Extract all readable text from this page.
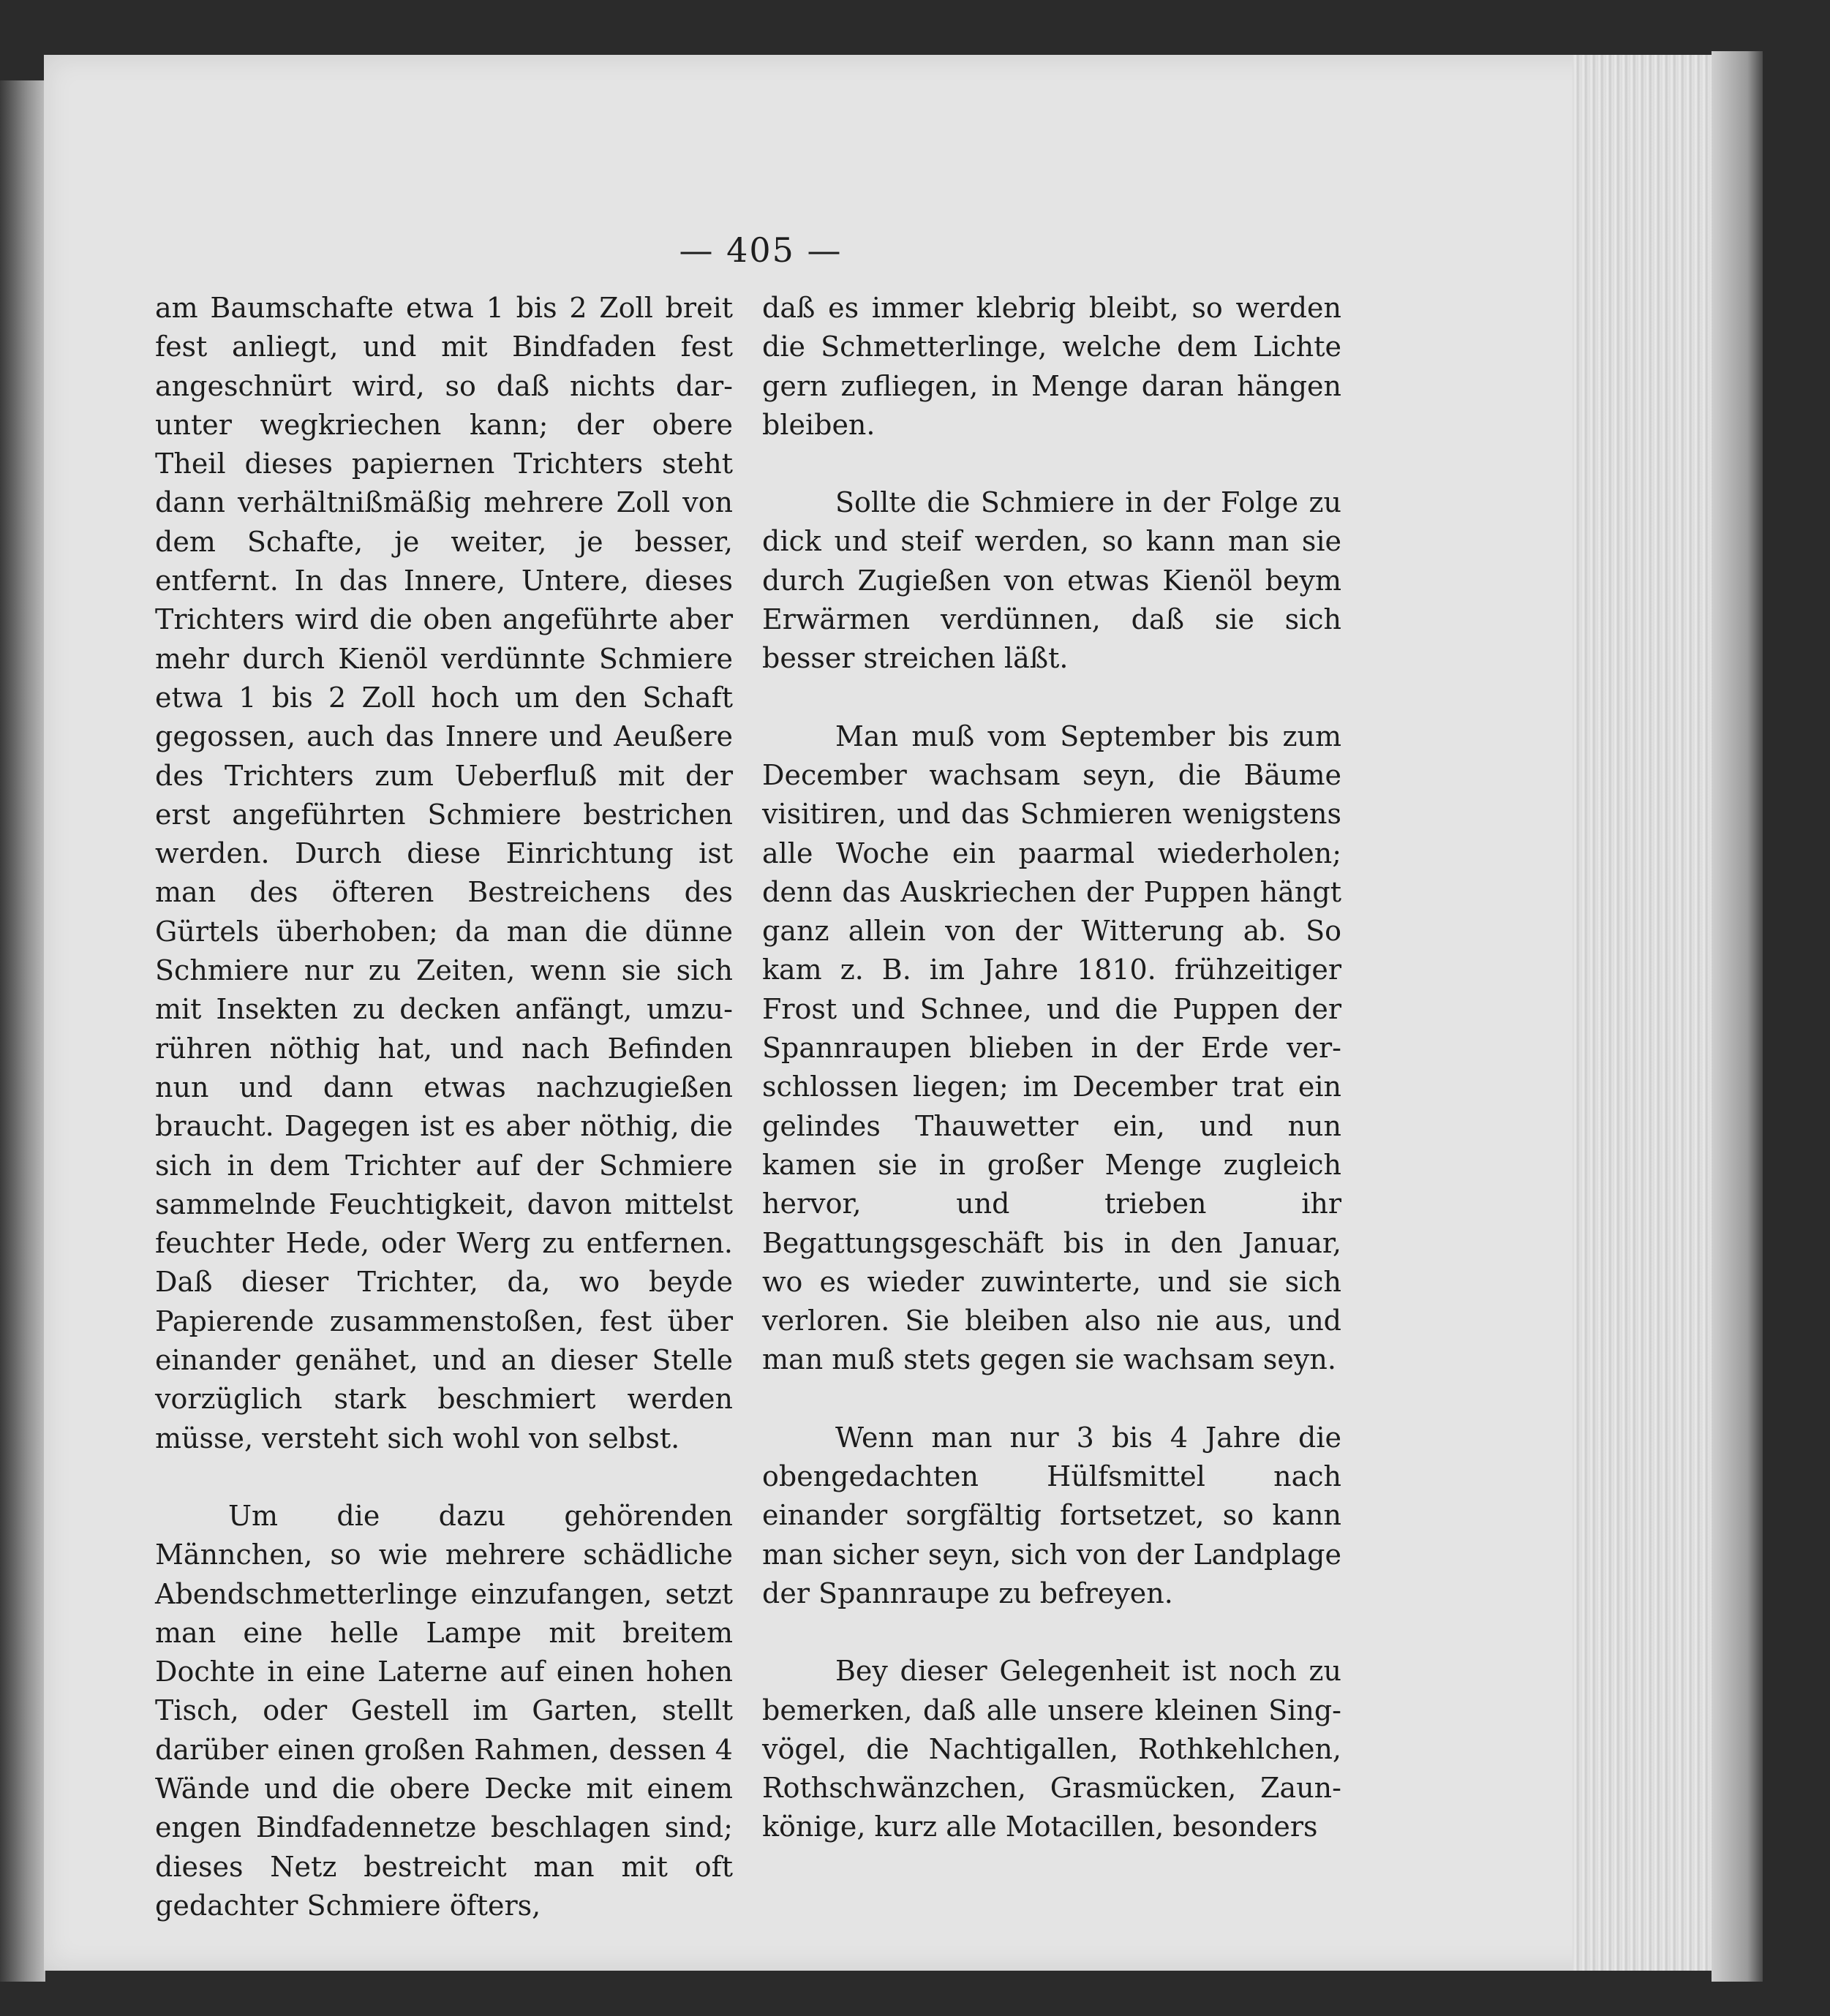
— 405 —

am Baumschafte etwa 1 bis 2 Zoll breit fest anliegt, und mit Bindfaden fest angeschnürt wird, so daß nichts darunter wegkriechen kann; der obere Theil dieses papiernen Trichters steht dann verhältnißmäßig mehrere Zoll von dem Schafte, je weiter, je besser, entfernt. In das Innere, Untere, dieses Trichters wird die oben angeführte aber mehr durch Kienöl verdünnte Schmiere etwa 1 bis 2 Zoll hoch um den Schaft gegossen, auch das Innere und Aeußere des Trichters zum Ueberfluß mit der erst angeführten Schmiere bestrichen werden. Durch diese Einrichtung ist man des öfteren Bestreichens des Gürtels überhoben; da man die dünne Schmiere nur zu Zeiten, wenn sie sich mit Insekten zu decken anfängt, umzurühren nöthig hat, und nach Befinden nun und dann etwas nachzugießen braucht. Dagegen ist es aber nöthig, die sich in dem Trichter auf der Schmiere sammelnde Feuchtigkeit, davon mittelst feuchter Hede, oder Werg zu entfernen. Daß dieser Trichter, da, wo beyde Papierende zusammenstoßen, fest über einander genähet, und an dieser Stelle vorzüglich stark beschmiert werden müsse, versteht sich wohl von selbst.

Um die dazu gehörenden Männchen, so wie mehrere schädliche Abendschmetterlinge einzufangen, setzt man eine helle Lampe mit breitem Dochte in eine Laterne auf einen hohen Tisch, oder Gestell im Garten, stellt darüber einen großen Rahmen, dessen 4 Wände und die obere Decke mit einem engen Bindfadennetze beschlagen sind; dieses Netz bestreicht man mit oft gedachter Schmiere öfters,

daß es immer klebrig bleibt, so werden die Schmetterlinge, welche dem Lichte gern zufliegen, in Menge daran hängen bleiben.

Sollte die Schmiere in der Folge zu dick und steif werden, so kann man sie durch Zugießen von etwas Kienöl beym Erwärmen verdünnen, daß sie sich besser streichen läßt.

Man muß vom September bis zum December wachsam seyn, die Bäume visitiren, und das Schmieren wenigstens alle Woche ein paarmal wiederholen; denn das Auskriechen der Puppen hängt ganz allein von der Witterung ab. So kam z. B. im Jahre 1810. frühzeitiger Frost und Schnee, und die Puppen der Spannraupen blieben in der Erde verschlossen liegen; im December trat ein gelindes Thauwetter ein, und nun kamen sie in großer Menge zugleich hervor, und trieben ihr Begattungsgeschäft bis in den Januar, wo es wieder zuwinterte, und sie sich verloren. Sie bleiben also nie aus, und man muß stets gegen sie wachsam seyn.

Wenn man nur 3 bis 4 Jahre die obengedachten Hülfsmittel nach einander sorgfältig fortsetzet, so kann man sicher seyn, sich von der Landplage der Spannraupe zu befreyen.

Bey dieser Gelegenheit ist noch zu bemerken, daß alle unsere kleinen Singvögel, die Nachtigallen, Rothkehlchen, Rothschwänzchen, Grasmücken, Zaunkönige, kurz alle Motacillen, besonders
